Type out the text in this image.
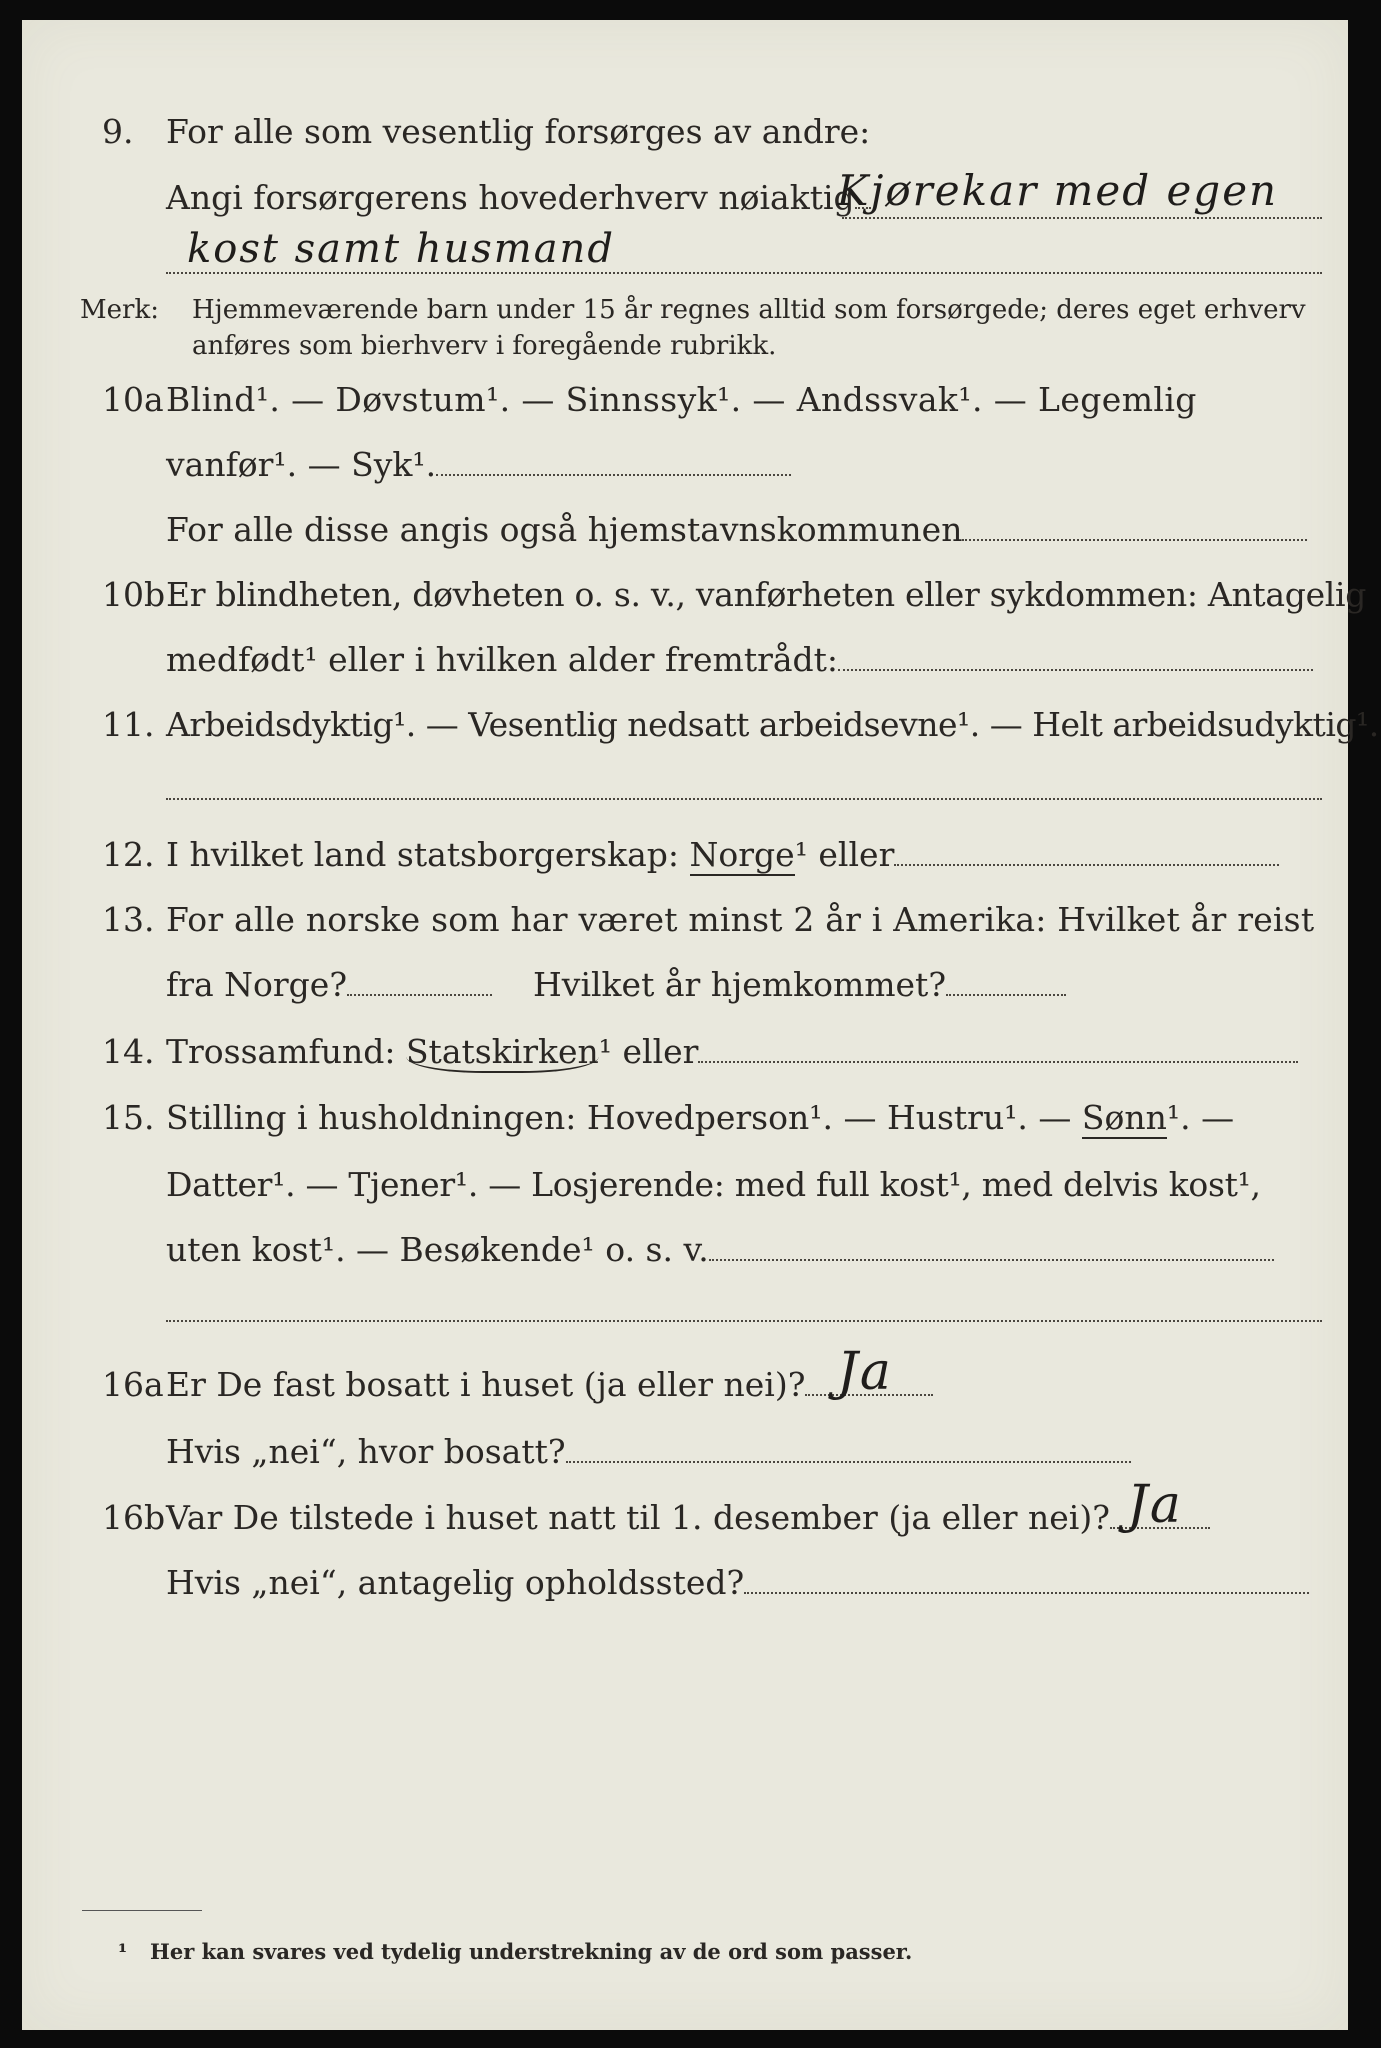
9. For alle som vesentlig forsørges av andre:
Angi forsørgerens hovederhverv nøiaktig
Kjørekar med egen
kost samt husmand
Merk: Hjemmeværende barn under 15 år regnes alltid som forsørgede; deres eget erhverv
anføres som bierhverv i foregående rubrikk.
10a Blind¹. — Døvstum¹. — Sinnssyk¹. — Andssvak¹. — Legemlig
vanfør¹. — Syk¹.
For alle disse angis også hjemstavnskommunen
10b Er blindheten, døvheten o. s. v., vanførheten eller sykdommen: Antagelig
medfødt¹ eller i hvilken alder fremtrådt:
11. Arbeidsdyktig¹. — Vesentlig nedsatt arbeidsevne¹. — Helt arbeidsudyktig¹.
12. I hvilket land statsborgerskap: Norge¹ eller
13. For alle norske som har været minst 2 år i Amerika: Hvilket år reist
fra Norge?	Hvilket år hjemkommet?
14. Trossamfund: Statskirken¹ eller
15. Stilling i husholdningen: Hovedperson¹. — Hustru¹. — Sønn¹. —
Datter¹. — Tjener¹. — Losjerende: med full kost¹, med delvis kost¹,
uten kost¹. — Besøkende¹ o. s. v.
16a Er De fast bosatt i huset (ja eller nei)? Ja
Hvis „nei“, hvor bosatt?
16b Var De tilstede i huset natt til 1. desember (ja eller nei)? Ja
Hvis „nei“, antagelig opholdssted?
¹ Her kan svares ved tydelig understrekning av de ord som passer.
